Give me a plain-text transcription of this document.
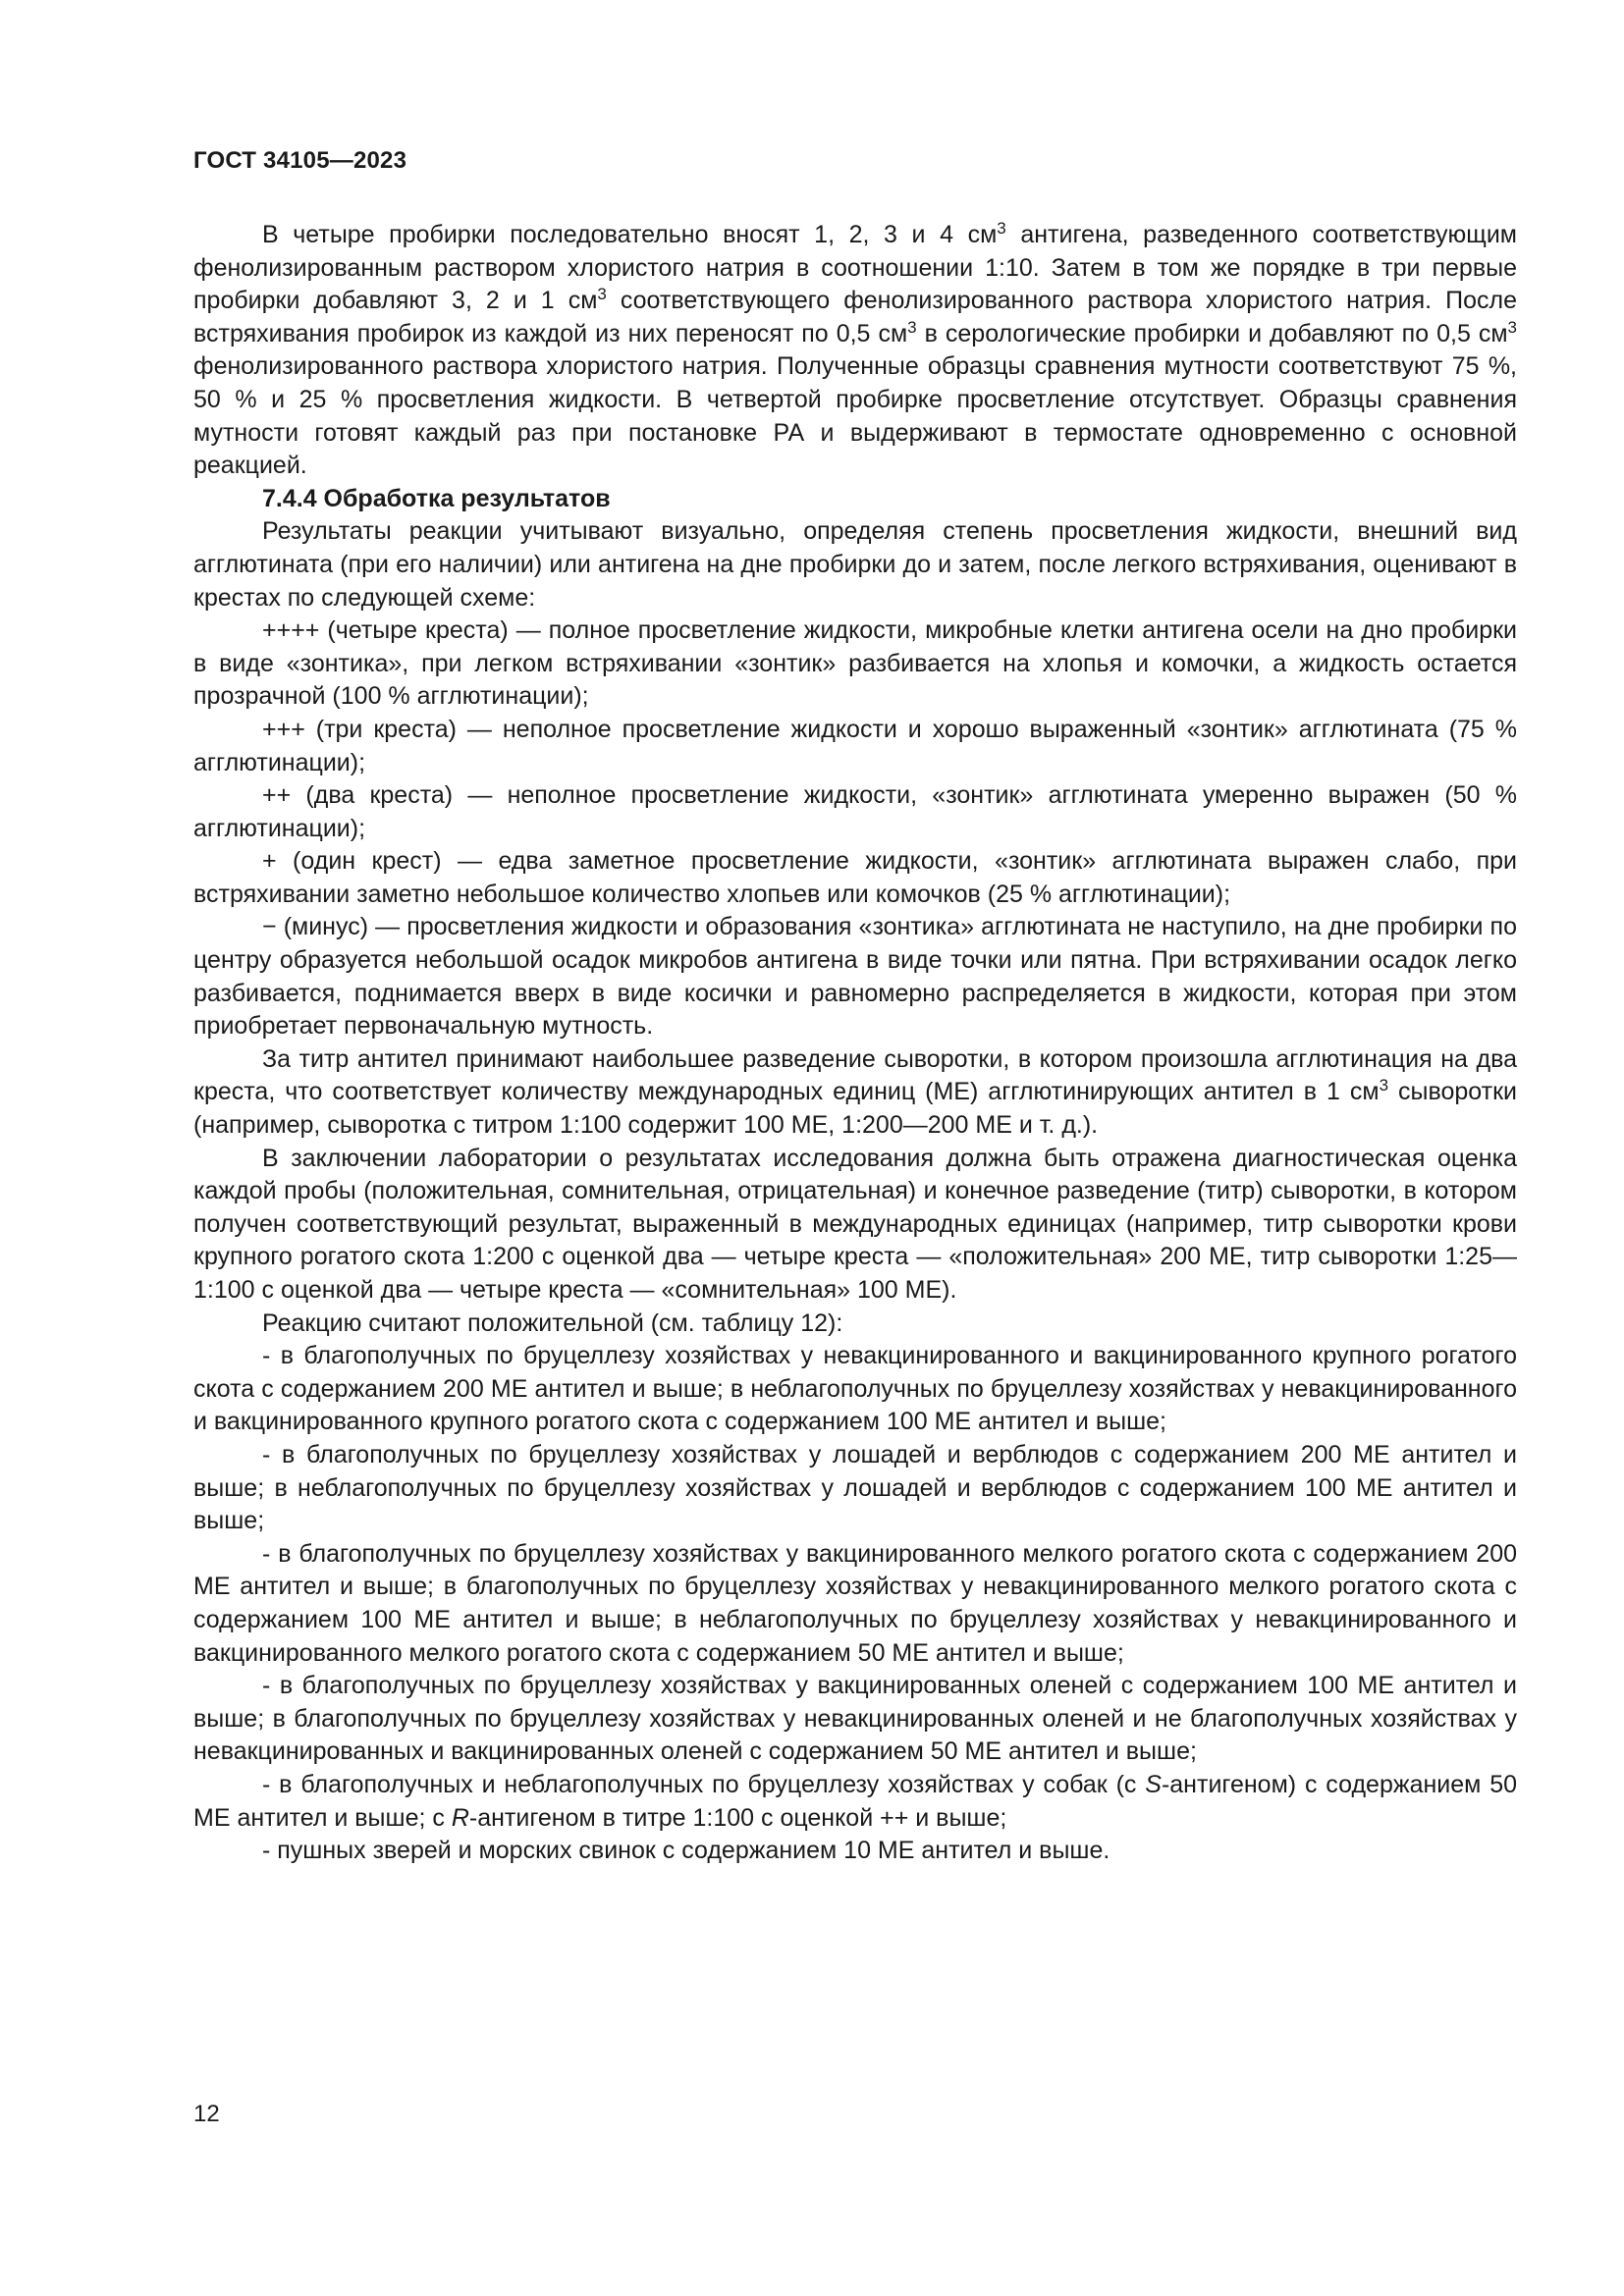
ГОСТ 34105—2023

В четыре пробирки последовательно вносят 1, 2, 3 и 4 $см^3$ антигена, разведенного соответствующим фенолизированным раствором хлористого натрия в соотношении 1:10. Затем в том же порядке в три первые пробирки добавляют 3, 2 и 1 $см^3$ соответствующего фенолизированного раствора хлористого натрия. После встряхивания пробирок из каждой из них переносят по 0,5 $см^3$ в серологические пробирки и добавляют по 0,5 $см^3$ фенолизированного раствора хлористого натрия. Полученные образцы сравнения мутности соответствуют 75 %, 50 % и 25 % просветления жидкости. В четвертой пробирке просветление отсутствует. Образцы сравнения мутности готовят каждый раз при постановке РА и выдерживают в термостате одновременно с основной реакцией.

7.4.4 Обработка результатов

Результаты реакции учитывают визуально, определяя степень просветления жидкости, внешний вид агглютината (при его наличии) или антигена на дне пробирки до и затем, после легкого встряхивания, оценивают в крестах по следующей схеме:

++++ (четыре креста) — полное просветление жидкости, микробные клетки антигена осели на дно пробирки в виде «зонтика», при легком встряхивании «зонтик» разбивается на хлопья и комочки, а жидкость остается прозрачной (100 % агглютинации);

+++ (три креста) — неполное просветление жидкости и хорошо выраженный «зонтик» агглютината (75 % агглютинации);

++ (два креста) — неполное просветление жидкости, «зонтик» агглютината умеренно выражен (50 % агглютинации);

+ (один крест) — едва заметное просветление жидкости, «зонтик» агглютината выражен слабо, при встряхивании заметно небольшое количество хлопьев или комочков (25 % агглютинации);

− (минус) — просветления жидкости и образования «зонтика» агглютината не наступило, на дне пробирки по центру образуется небольшой осадок микробов антигена в виде точки или пятна. При встряхивании осадок легко разбивается, поднимается вверх в виде косички и равномерно распределяется в жидкости, которая при этом приобретает первоначальную мутность.

За титр антител принимают наибольшее разведение сыворотки, в котором произошла агглютинация на два креста, что соответствует количеству международных единиц (МЕ) агглютинирующих антител в 1 $см^3$ сыворотки (например, сыворотка с титром 1:100 содержит 100 МЕ, 1:200—200 МЕ и т. д.).

В заключении лаборатории о результатах исследования должна быть отражена диагностическая оценка каждой пробы (положительная, сомнительная, отрицательная) и конечное разведение (титр) сыворотки, в котором получен соответствующий результат, выраженный в международных единицах (например, титр сыворотки крови крупного рогатого скота 1:200 с оценкой два — четыре креста — «положительная» 200 МЕ, титр сыворотки 1:25—1:100 с оценкой два — четыре креста — «сомнительная» 100 МЕ).

Реакцию считают положительной (см. таблицу 12):

- в благополучных по бруцеллезу хозяйствах у невакцинированного и вакцинированного крупного рогатого скота с содержанием 200 МЕ антител и выше; в неблагополучных по бруцеллезу хозяйствах у невакцинированного и вакцинированного крупного рогатого скота с содержанием 100 МЕ антител и выше;

- в благополучных по бруцеллезу хозяйствах у лошадей и верблюдов с содержанием 200 МЕ антител и выше; в неблагополучных по бруцеллезу хозяйствах у лошадей и верблюдов с содержанием 100 МЕ антител и выше;

- в благополучных по бруцеллезу хозяйствах у вакцинированного мелкого рогатого скота с содержанием 200 МЕ антител и выше; в благополучных по бруцеллезу хозяйствах у невакцинированного мелкого рогатого скота с содержанием 100 МЕ антител и выше; в неблагополучных по бруцеллезу хозяйствах у невакцинированного и вакцинированного мелкого рогатого скота с содержанием 50 МЕ антител и выше;

- в благополучных по бруцеллезу хозяйствах у вакцинированных оленей с содержанием 100 МЕ антител и выше; в благополучных по бруцеллезу хозяйствах у невакцинированных оленей и не благополучных хозяйствах у невакцинированных и вакцинированных оленей с содержанием 50 МЕ антител и выше;

- в благополучных и неблагополучных по бруцеллезу хозяйствах у собак (с S-антигеном) с содержанием 50 МЕ антител и выше; с R-антигеном в титре 1:100 с оценкой ++ и выше;

- пушных зверей и морских свинок с содержанием 10 МЕ антител и выше.

12
